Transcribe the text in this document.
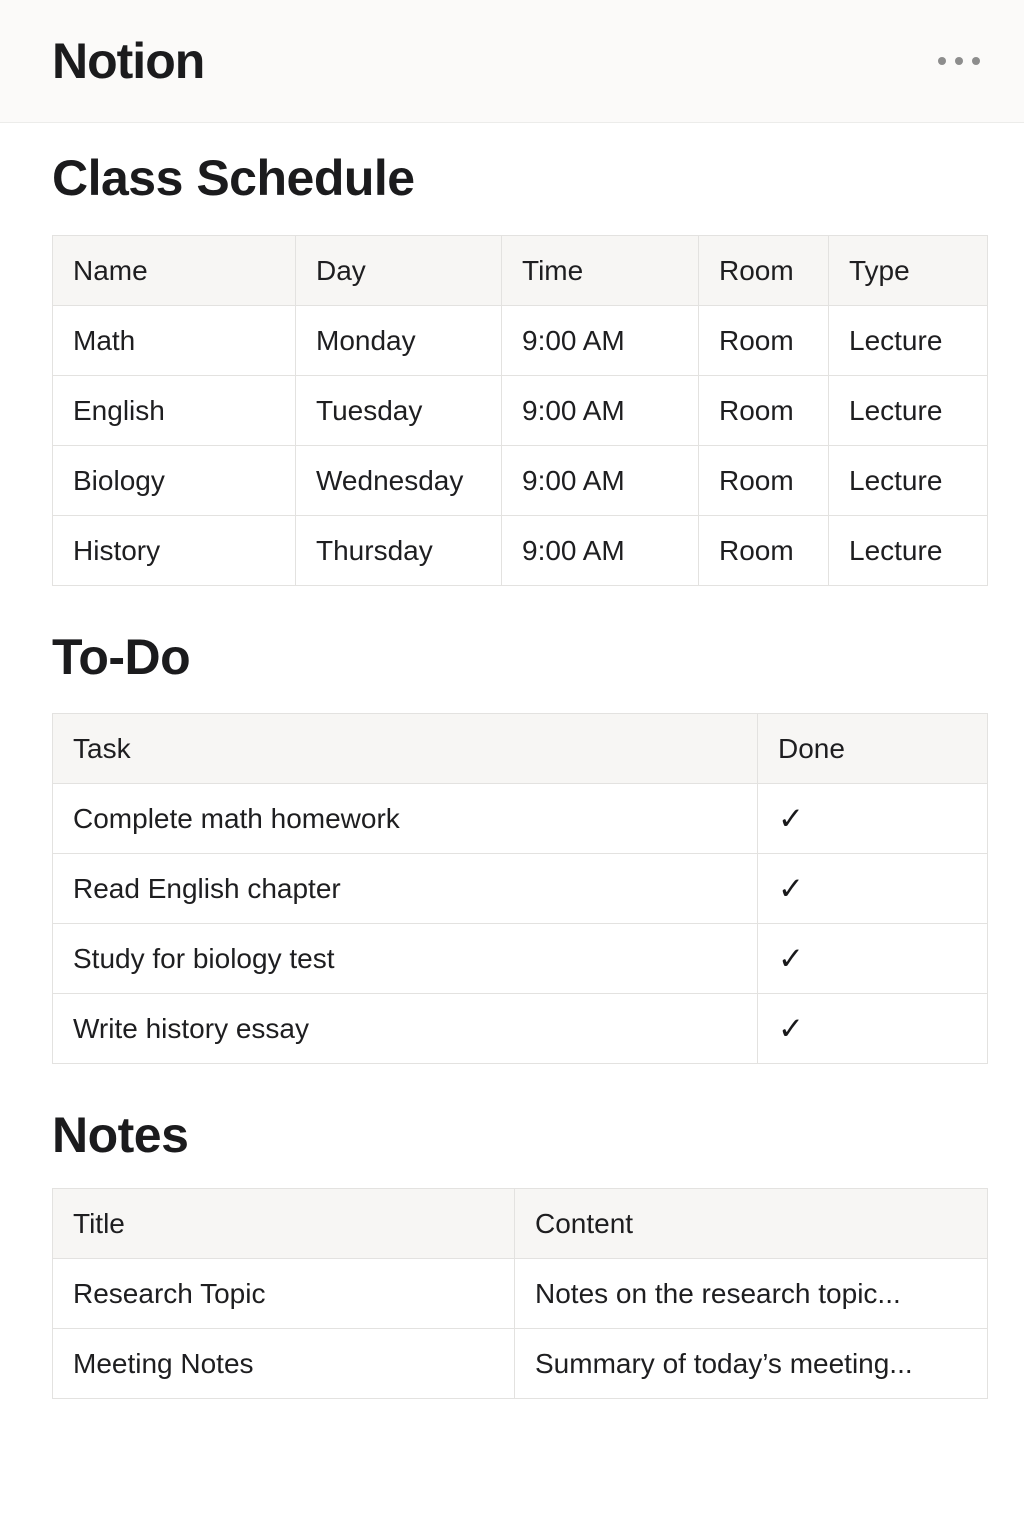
Notion
Class Schedule
Name	Day	Time	Room	Type
Math	Monday	9:00 AM	Room	Lecture
English	Tuesday	9:00 AM	Room	Lecture
Biology	Wednesday	9:00 AM	Room	Lecture
History	Thursday	9:00 AM	Room	Lecture
To-Do
Task	Done
Complete math homework	✓
Read English chapter	✓
Study for biology test	✓
Write history essay	✓
Notes
Title	Content
Research Topic	Notes on the research topic...
Meeting Notes	Summary of today’s meeting...
